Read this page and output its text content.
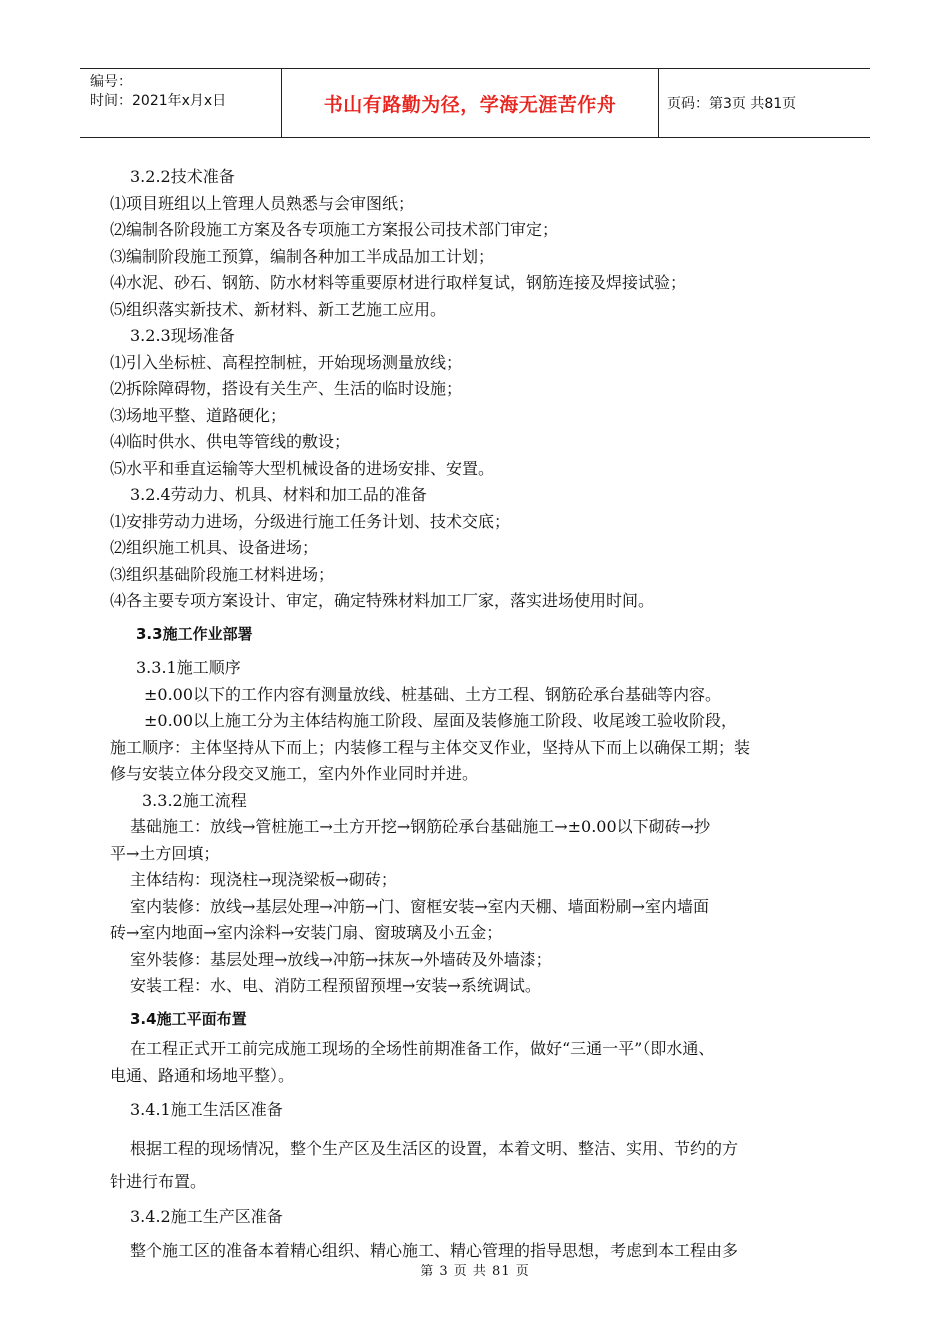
编号：
时间：2021年x月x日	书山有路勤为径，学海无涯苦作舟	页码：第3页 共81页

3.2.2技术准备

⑴项目班组以上管理人员熟悉与会审图纸；

⑵编制各阶段施工方案及各专项施工方案报公司技术部门审定；

⑶编制阶段施工预算，编制各种加工半成品加工计划；

⑷水泥、砂石、钢筋、防水材料等重要原材进行取样复试，钢筋连接及焊接试验；

⑸组织落实新技术、新材料、新工艺施工应用。

3.2.3现场准备

⑴引入坐标桩、高程控制桩，开始现场测量放线；

⑵拆除障碍物，搭设有关生产、生活的临时设施；

⑶场地平整、道路硬化；

⑷临时供水、供电等管线的敷设；

⑸水平和垂直运输等大型机械设备的进场安排、安置。

3.2.4劳动力、机具、材料和加工品的准备

⑴安排劳动力进场，分级进行施工任务计划、技术交底；

⑵组织施工机具、设备进场；

⑶组织基础阶段施工材料进场；

⑷各主要专项方案设计、审定，确定特殊材料加工厂家，落实进场使用时间。

3.3施工作业部署

3.3.1施工顺序

±0.00以下的工作内容有测量放线、桩基础、土方工程、钢筋砼承台基础等内容。

±0.00以上施工分为主体结构施工阶段、屋面及装修施工阶段、收尾竣工验收阶段，

施工顺序：主体坚持从下而上；内装修工程与主体交叉作业，坚持从下而上以确保工期；装

修与安装立体分段交叉施工，室内外作业同时并进。

3.3.2施工流程

基础施工：放线→管桩施工→土方开挖→钢筋砼承台基础施工→±0.00以下砌砖→抄

平→土方回填；

主体结构：现浇柱→现浇梁板→砌砖；

室内装修：放线→基层处理→冲筋→门、窗框安装→室内天棚、墙面粉刷→室内墙面

砖→室内地面→室内涂料→安装门扇、窗玻璃及小五金；

室外装修：基层处理→放线→冲筋→抹灰→外墙砖及外墙漆；

安装工程：水、电、消防工程预留预埋→安装→系统调试。

3.4施工平面布置

在工程正式开工前完成施工现场的全场性前期准备工作，做好“三通一平”（即水通、

电通、路通和场地平整）。

3.4.1施工生活区准备

根据工程的现场情况，整个生产区及生活区的设置，本着文明、整洁、实用、节约的方

针进行布置。

3.4.2施工生产区准备

整个施工区的准备本着精心组织、精心施工、精心管理的指导思想，考虑到本工程由多

第 3 页 共 81 页
